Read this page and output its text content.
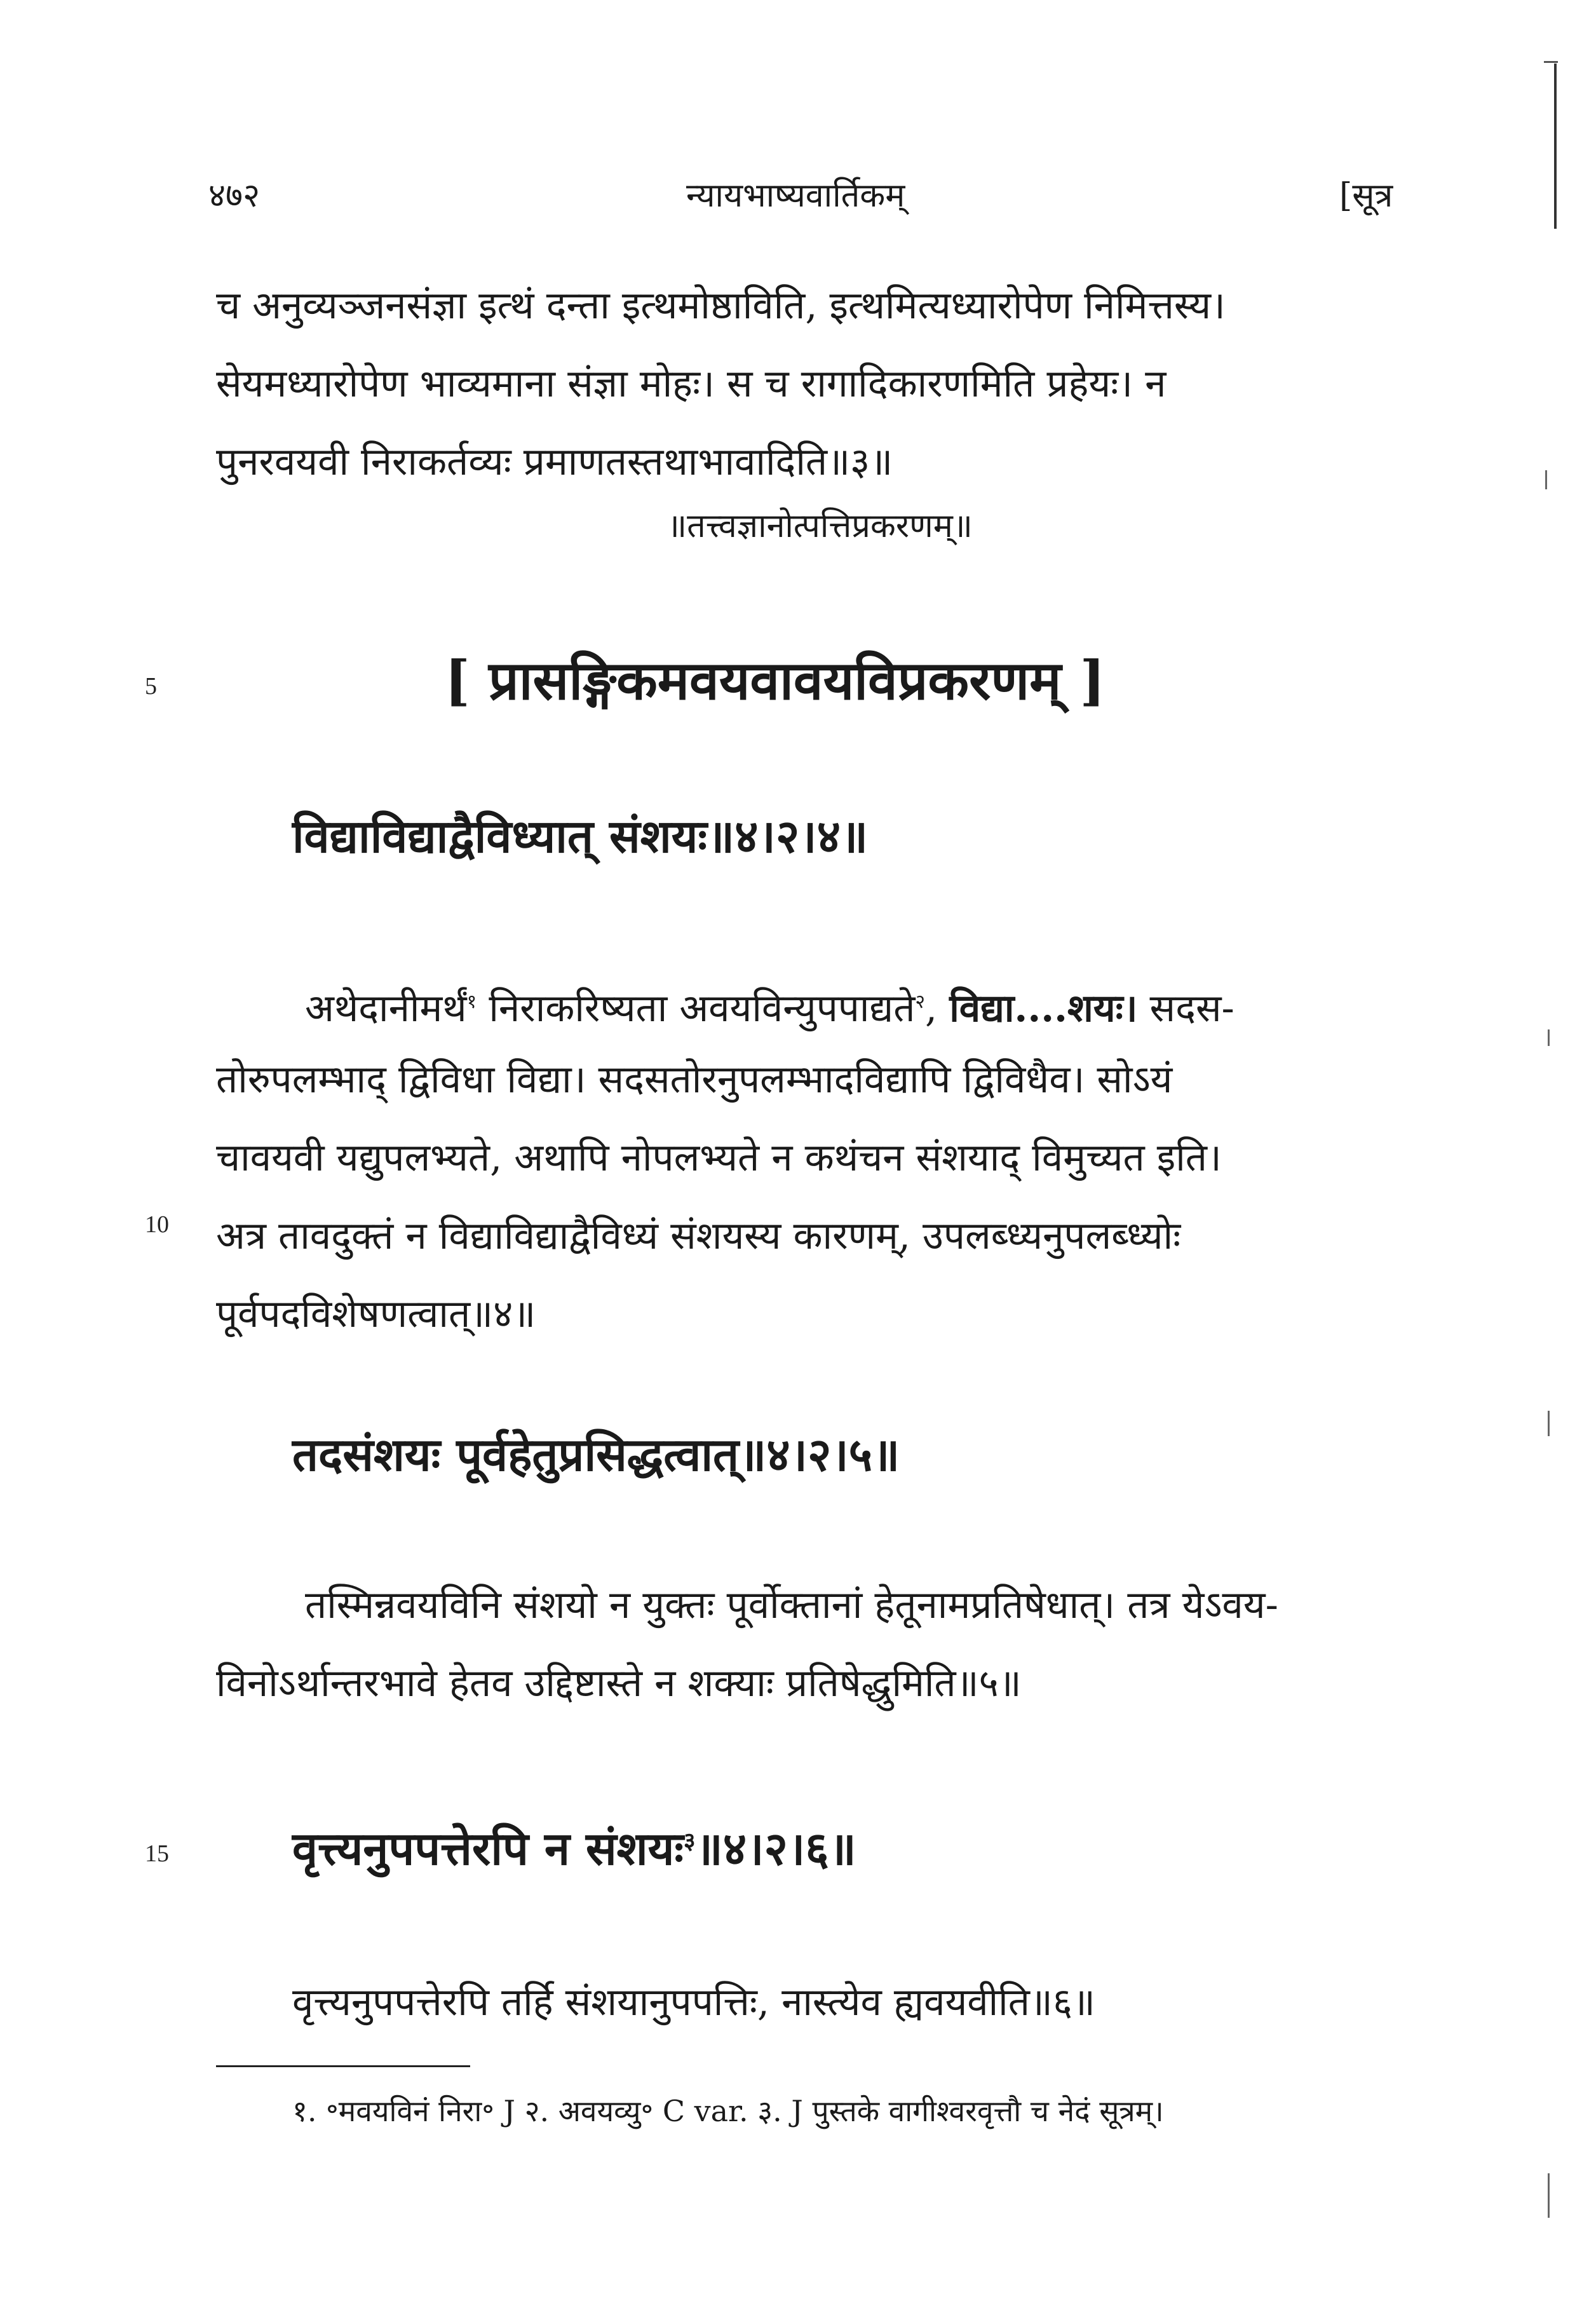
४७२	न्यायभाष्यवार्तिकम्	[सूत्र
च अनुव्यञ्जनसंज्ञा इत्थं दन्ता इत्थमोष्ठाविति, इत्थमित्यध्यारोपेण निमित्तस्य।
सेयमध्यारोपेण भाव्यमाना संज्ञा मोहः। स च रागादिकारणमिति प्रहेयः। न
पुनरवयवी निराकर्तव्यः प्रमाणतस्तथाभावादिति॥३॥
॥तत्त्वज्ञानोत्पत्तिप्रकरणम्॥
5
10
15
[ प्रासङ्गिकमवयवावयविप्रकरणम् ]
विद्याविद्याद्वैविध्यात् संशयः॥४।२।४॥
अथेदानीमर्थं$^१$ निराकरिष्यता अवयविन्युपपाद्यते$^२$, विद्या....शयः। सदस-
तोरुपलम्भाद् द्विविधा विद्या। सदसतोरनुपलम्भादविद्यापि द्विविधैव। सोऽयं
चावयवी यद्युपलभ्यते, अथापि नोपलभ्यते न कथंचन संशयाद् विमुच्यत इति।
अत्र तावदुक्तं न विद्याविद्याद्वैविध्यं संशयस्य कारणम्, उपलब्ध्यनुपलब्ध्योः
पूर्वपदविशेषणत्वात्॥४॥
तदसंशयः पूर्वहेतुप्रसिद्धत्वात्॥४।२।५॥
तस्मिन्नवयविनि संशयो न युक्तः पूर्वोक्तानां हेतूनामप्रतिषेधात्। तत्र येऽवय-
विनोऽर्थान्तरभावे हेतव उद्दिष्टास्ते न शक्याः प्रतिषेद्धुमिति॥५॥
वृत्त्यनुपपत्तेरपि न संशयः$^३$॥४।२।६॥
वृत्त्यनुपपत्तेरपि तर्हि संशयानुपपत्तिः, नास्त्येव ह्यवयवीति॥६॥
१. ॰मवयविनं निरा॰ J २. अवयव्यु॰ C var. ३. J पुस्तके वागीश्वरवृत्तौ च नेदं सूत्रम्।
